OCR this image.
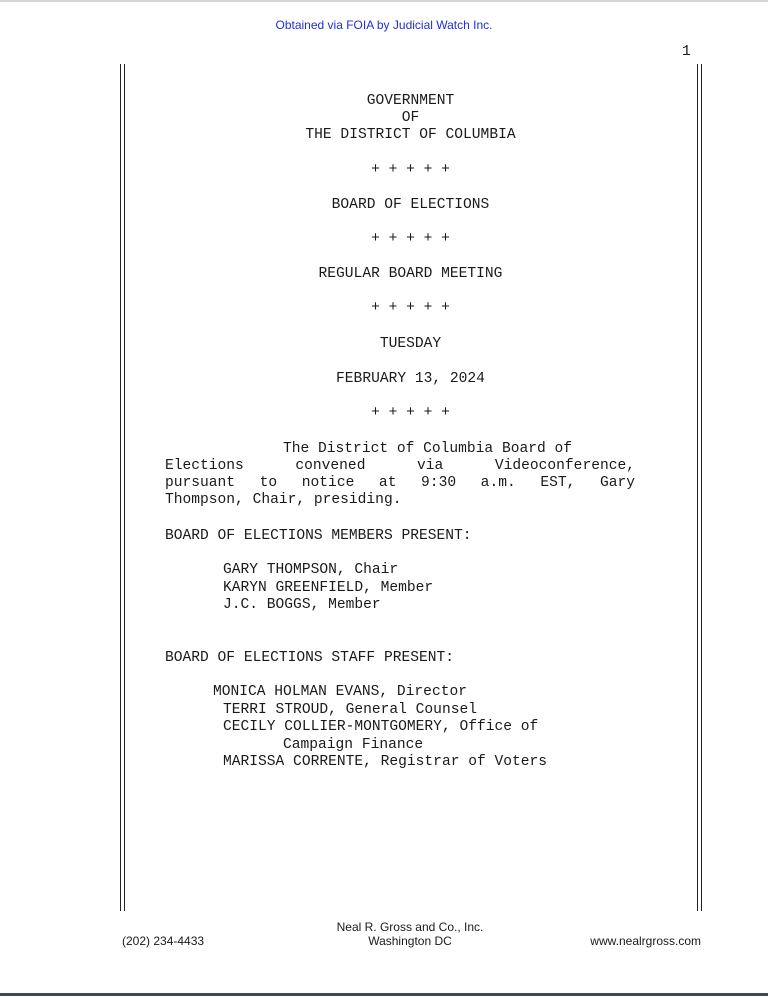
Obtained via FOIA by Judicial Watch Inc.
1
GOVERNMENT
OF
THE DISTRICT OF COLUMBIA
+ + + + +
BOARD OF ELECTIONS
+ + + + +
REGULAR BOARD MEETING
+ + + + +
TUESDAY
FEBRUARY 13, 2024
+ + + + +
The District of Columbia Board of
Elections convened via Videoconference,
pursuant to notice at 9:30 a.m. EST, Gary
Thompson, Chair, presiding.
BOARD OF ELECTIONS MEMBERS PRESENT:
GARY THOMPSON, Chair
KARYN GREENFIELD, Member
J.C. BOGGS, Member
BOARD OF ELECTIONS STAFF PRESENT:
MONICA HOLMAN EVANS, Director
TERRI STROUD, General Counsel
CECILY COLLIER-MONTGOMERY, Office of
Campaign Finance
MARISSA CORRENTE, Registrar of Voters
(202) 234-4433
Neal R. Gross and Co., Inc.
Washington DC	www.nealrgross.com
